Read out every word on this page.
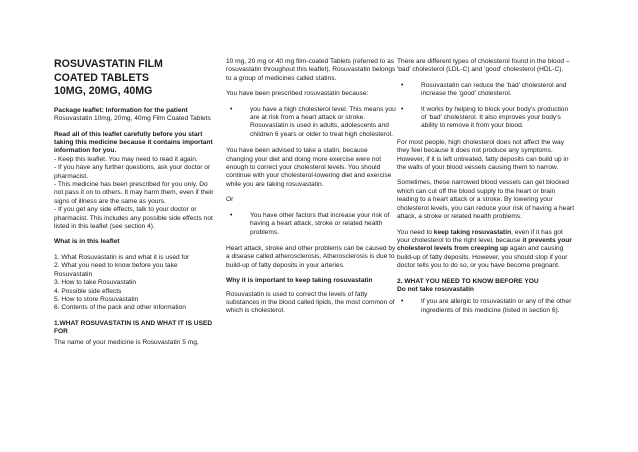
ROSUVASTATIN FILM
COATED TABLETS
10MG, 20MG, 40MG
Package leaflet: Information for the patient

Rosuvastatin 10mg, 20mg, 40mg Film Coated Tablets

Read all of this leaflet carefully before you start taking this medicine because it contains important information for you.

- Keep this leaflet. You may need to read it again.
- If you have any further questions, ask your doctor or pharmacist.
- This medicine has been prescribed for you only. Do not pass it on to others. It may harm them, even if their signs of illness are the same as yours.
- If you get any side effects, talk to your doctor or pharmacist. This includes any possible side effects not listed in this leaflet (see section 4).

What is in this leaflet

1. What Rosuvastatin is and what it is used for
2. What you need to know before you take Rosuvastatin
3. How to take Rosuvastatin
4. Possible side effects
5. How to store Rosuvastatin
6. Contents of the pack and other information

1.WHAT ROSUVASTATIN IS AND WHAT IT IS USED FOR
The name of your medicine is Rosuvastatin 5 mg,

10 mg, 20 mg or 40 mg film-coated Tablets (referred to as rosuvastatin throughout this leaflet). Rosuvastatin belongs to a group of medicines called statins.

You have been prescribed rosuvastatin because:

• you have a high cholesterol level. This means you are at risk from a heart attack or stroke. Rosuvastatin is used in adults, adolescents and children 6 years or older to treat high cholesterol.

You have been advised to take a statin, because changing your diet and doing more exercise were not enough to correct your cholesterol levels. You should continue with your cholesterol-lowering diet and exercise while you are taking rosuvastatin.

Or

• You have other factors that increase your risk of having a heart attack, stroke or related health problems.

Heart attack, stroke and other problems can be caused by a disease called atherosclerosis. Atherosclerosis is due to build-up of fatty deposits in your arteries.

Why it is important to keep taking rosuvastatin

Rosuvastatin is used to correct the levels of fatty substances in the blood called lipids, the most common of which is cholesterol.

There are different types of cholesterol found in the blood – 'bad' cholesterol (LDL-C) and 'good' cholesterol (HDL-C).

• Rosuvastatin can reduce the 'bad' cholesterol and increase the 'good' cholesterol.
• It works by helping to block your body's production of 'bad' cholesterol. It also improves your body's ability to remove it from your blood.

For most people, high cholesterol does not affect the way they feel because it does not produce any symptoms. However, if it is left untreated, fatty deposits can build up in the walls of your blood vessels causing them to narrow.

Sometimes, these narrowed blood vessels can get blocked which can cut off the blood supply to the heart or brain leading to a heart attack or a stroke. By lowering your cholesterol levels, you can reduce your risk of having a heart attack, a stroke or related health problems.

You need to keep taking rosuvastatin, even if it has got your cholesterol to the right level, because it prevents your cholesterol levels from creeping up again and causing build-up of fatty deposits. However, you should stop if your doctor tells you to do so, or you have become pregnant.

2. WHAT YOU NEED TO KNOW BEFORE YOU
Do not take rosuvastatin
• If you are allergic to rosuvastatin or any of the other ingredients of this medicine (listed in section 6).
